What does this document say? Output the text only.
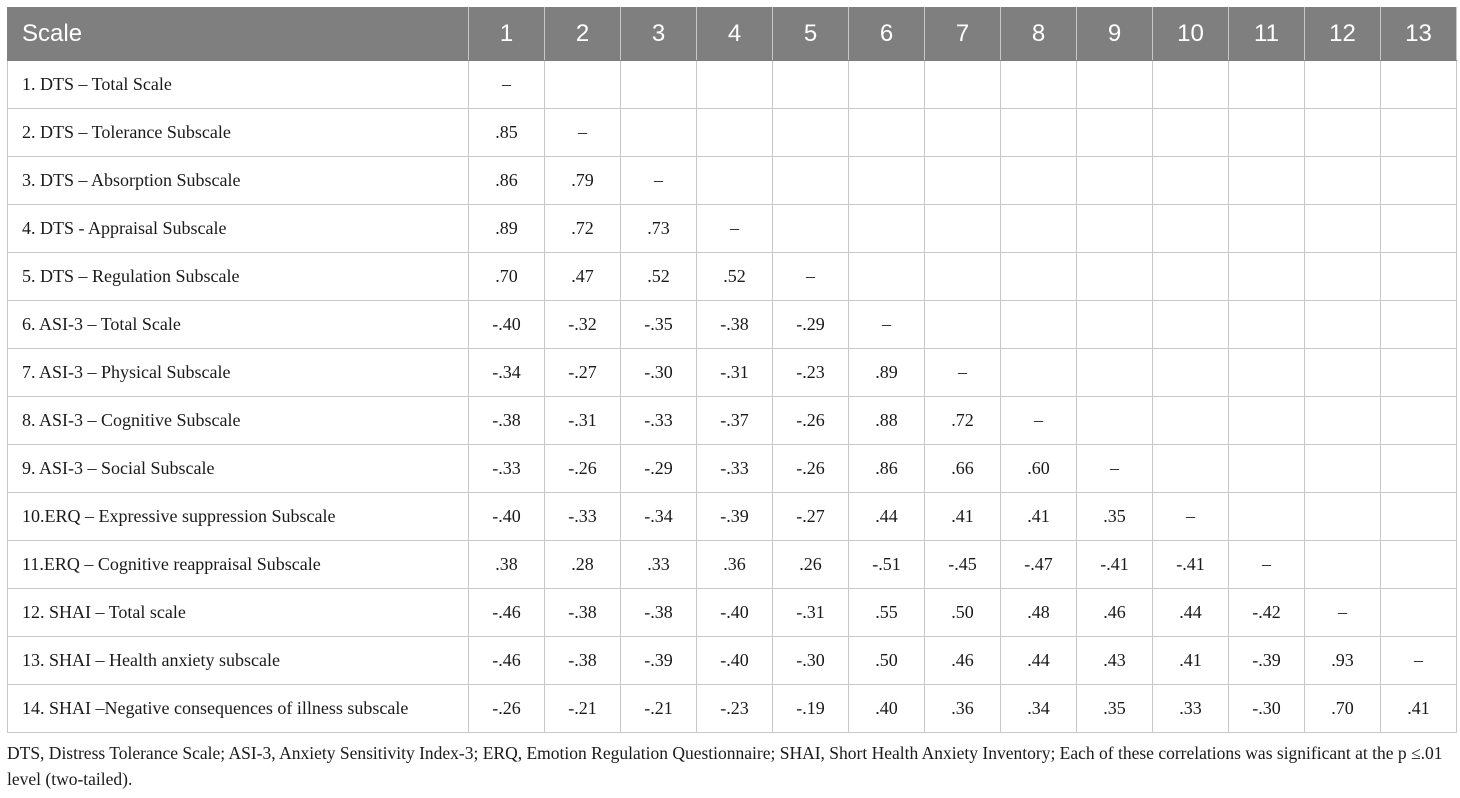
Scale	1	2	3	4	5	6	7	8	9	10	11	12	13
1. DTS – Total Scale	–												
2. DTS – Tolerance Subscale	.85	–											
3. DTS – Absorption Subscale	.86	.79	–										
4. DTS - Appraisal Subscale	.89	.72	.73	–									
5. DTS – Regulation Subscale	.70	.47	.52	.52	–								
6. ASI-3 – Total Scale	-.40	-.32	-.35	-.38	-.29	–							
7. ASI-3 – Physical Subscale	-.34	-.27	-.30	-.31	-.23	.89	–						
8. ASI-3 – Cognitive Subscale	-.38	-.31	-.33	-.37	-.26	.88	.72	–					
9. ASI-3 – Social Subscale	-.33	-.26	-.29	-.33	-.26	.86	.66	.60	–				
10.ERQ – Expressive suppression Subscale	-.40	-.33	-.34	-.39	-.27	.44	.41	.41	.35	–			
11.ERQ – Cognitive reappraisal Subscale	.38	.28	.33	.36	.26	-.51	-.45	-.47	-.41	-.41	–		
12. SHAI – Total scale	-.46	-.38	-.38	-.40	-.31	.55	.50	.48	.46	.44	-.42	–	
13. SHAI – Health anxiety subscale	-.46	-.38	-.39	-.40	-.30	.50	.46	.44	.43	.41	-.39	.93	–
14. SHAI –Negative consequences of illness subscale	-.26	-.21	-.21	-.23	-.19	.40	.36	.34	.35	.33	-.30	.70	.41
DTS, Distress Tolerance Scale; ASI-3, Anxiety Sensitivity Index-3; ERQ, Emotion Regulation Questionnaire; SHAI, Short Health Anxiety Inventory; Each of these correlations was significant at the p ≤.01 level (two-tailed).
